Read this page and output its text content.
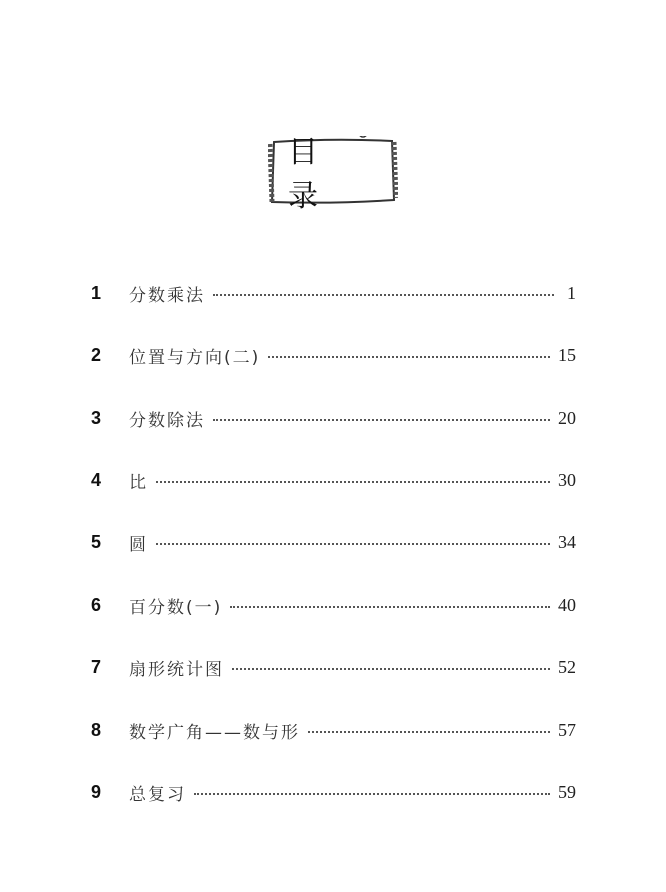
目 录
1	分数乘法	1
2	位置与方向(二)	15
3	分数除法	20
4	比	30
5	圆	34
6	百分数(一)	40
7	扇形统计图	52
8	数学广角——数与形	57
9	总复习	59
